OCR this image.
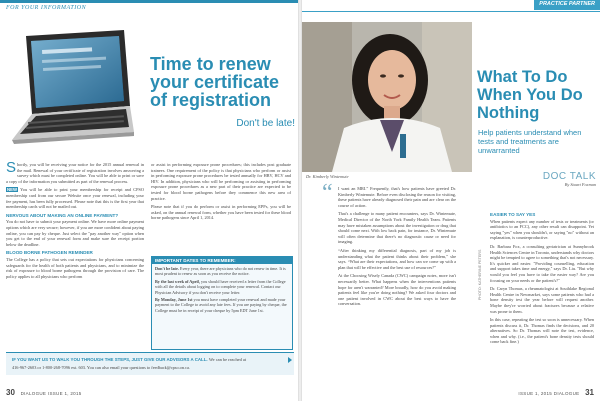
FOR YOUR INFORMATION
Time to renew your certificate of registration
Don't be late!

Shortly, you will be receiving your notice for the 2015 annual renewal in the mail. Renewal of your certificate of registration involves answering a survey which must be completed online. You will be able to print or save a copy of the information you submitted as part of the renewal process.

NEW You will be able to print your membership for receipt and CPSO membership card from our secure Website once your renewal, including your fee payment, has been fully processed. Please note that this is the first year that membership cards will not be mailed out.

NERVOUS ABOUT MAKING AN ONLINE PAYMENT?

You do not have to submit your payment online. We have more online payment options which are very secure; however, if you are more confident about paying online, you can pay by cheque. Just select the "pay another way" option when you get to the end of your renewal form and make sure the receipt portion below the deadline.

BLOOD BORNE PATHOGEN REMINDER

The College has a policy that sets out expectations for physicians concerning safeguards for the health of both patients and physicians, and to minimize the risk of exposure to blood borne pathogens through the provision of care. The policy applies to all physicians who perform

or assist in performing exposure prone procedures; this includes post graduate trainees. One requirement of the policy is that physicians who perform or assist in performing exposure prone procedures be tested annually for HBV, HCV and HIV. In addition, physicians who will be performing or assisting in performing exposure prone procedures as a new part of their practice are expected to be tested for blood borne pathogens before they commence this new area of practice.

Please note that if you do perform or assist in performing EPPs, you will be asked, on the annual renewal form, whether you have been tested for these blood borne pathogens since April 1, 2014.

IMPORTANT DATES TO REMEMBER:

Don't be late. Every year, there are physicians who do not renew in time. It is most prudent to renew as soon as you receive the notice.

By the last week of April, you should have received a letter from the College with all the details about logging on to complete your renewal. Contact our Physician Advisory if you don't receive your letter.

By Monday, June 1st you must have completed your renewal and made your payment to the College to avoid any late fees. If you are paying by cheque, the College must be in receipt of your cheque by 5pm EDT June 1st.

IF YOU WANT US TO WALK YOU THROUGH THE STEPS, JUST GIVE OUR ADVISORS A CALL. We can be reached at
416-967-2603 or 1-800-268-7096 ext. 603. You can also email your questions to feedback@cpso.on.ca.
30 DIALOGUE ISSUE 1, 2015
PRACTICE PARTNER
Dr. Kimberly Wintemute
What To Do When You Do Nothing
Help patients understand when tests and treatments are unwarranted
DOC TALK
By Stuart Foxman
“ I want an MRI.” Frequently, that's how patients have greeted Dr. Kimberly Wintemute. Before even disclosing the reason for visiting, these patients have already diagnosed their pain and are clear on the course of action.

That's a challenge to many patient encounters, says Dr. Wintemute, Medical Director of the North York Family Health Team. Patients may have mistaken assumptions about the investigation or drug that should come next. With low back pain, for instance, Dr. Wintemute will often determine that there's no diagnostic cause or need for imaging.

“After thinking my differential diagnosis, part of my job is understanding what the patient thinks about their problem,” she says. “What are their expectations, and how can we come up with a plan that will be effective and the best use of resources?”

At the Choosing Wisely Canada (CWC) campaign notes, more isn't necessarily better. What happens when the interventions patients hope for aren't warranted? More broadly, how do you avoid making patients feel like you're doing nothing? We asked four doctors and one patient involved in CWC about the best ways to have the conversation.

PHOTO: KATHERINE PETERS
EASIER TO SAY YES

When patients expect any number of tests or treatments (or antibiotics to an FCC), any other result can disappoint. Yet saying "yes" when you shouldn't, or saying "no" without an explanation, is counterproductive.

Dr. Barbara Fox, a consulting geriatrician at Sunnybrook Health Sciences Centre in Toronto, understands why doctors might be tempted to agree to something that's not necessary. It's quicker and easier. "Providing counselling, education and support takes time and energy," says Dr. Liu. "But why would you feel you have to take the easier way? Are you focusing on your needs or the patient's?"

Dr. Caryn Thomas, a rheumatologist at Southlake Regional Health Centre in Newmarket, says some patients who had a bone density test the year before will request another. Maybe they're worried about fractures because a relative was prone to them.

In this case, repeating the test so soon is unnecessary. When patients discuss it, Dr. Thomas finds the decisions, and 20 alternatives. So Dr. Thomas will note the test, evidence, when and why. (i.e., the patient's bone density tests should come back fine.)

ISSUE 1, 2015 DIALOGUE 31
